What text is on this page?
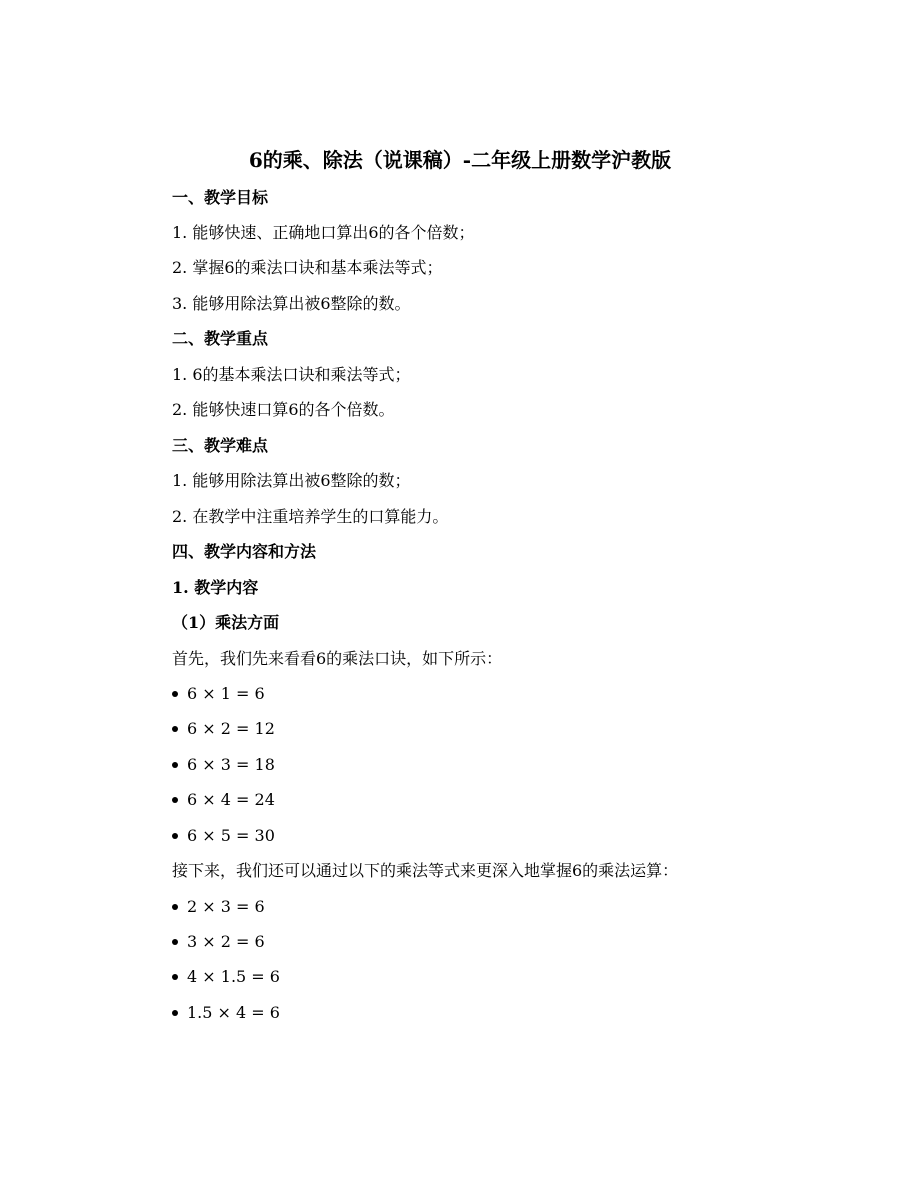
6的乘、除法（说课稿）-二年级上册数学沪教版
一、教学目标
1. 能够快速、正确地口算出6的各个倍数；
2. 掌握6的乘法口诀和基本乘法等式；
3. 能够用除法算出被6整除的数。
二、教学重点
1. 6的基本乘法口诀和乘法等式；
2. 能够快速口算6的各个倍数。
三、教学难点
1. 能够用除法算出被6整除的数；
2. 在教学中注重培养学生的口算能力。
四、教学内容和方法
1. 教学内容
（1）乘法方面
首先，我们先来看看6的乘法口诀，如下所示：
6 × 1 = 6
6 × 2 = 12
6 × 3 = 18
6 × 4 = 24
6 × 5 = 30
接下来，我们还可以通过以下的乘法等式来更深入地掌握6的乘法运算：
2 × 3 = 6
3 × 2 = 6
4 × 1.5 = 6
1.5 × 4 = 6
